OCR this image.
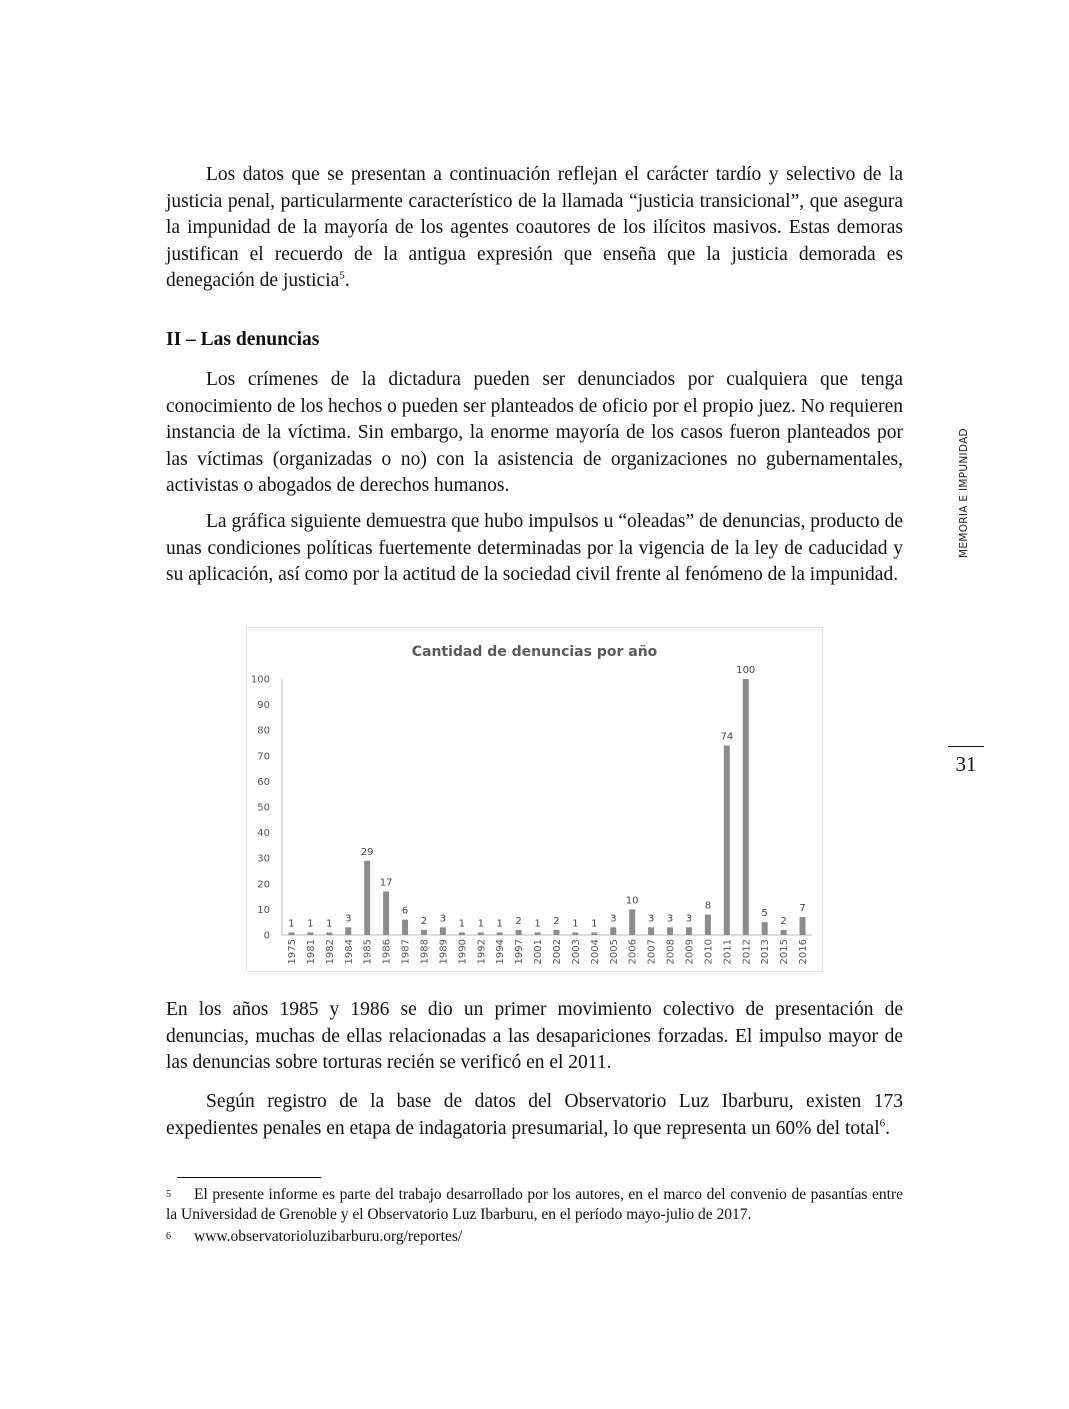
Los datos que se presentan a continuación reflejan el carácter tardío y selectivo de la justicia penal, particularmente característico de la llamada “justicia transicional”, que asegura la impunidad de la mayoría de los agentes coautores de los ilícitos masivos. Estas demoras justifican el recuerdo de la antigua expresión que enseña que la justicia demorada es denegación de justicia$^5$.

II – Las denuncias

Los crímenes de la dictadura pueden ser denunciados por cualquiera que tenga conocimiento de los hechos o pueden ser planteados de oficio por el propio juez. No requieren instancia de la víctima. Sin embargo, la enorme mayoría de los casos fueron planteados por las víctimas (organizadas o no) con la asistencia de organizaciones no gubernamentales, activistas o abogados de derechos humanos.

La gráfica siguiente demuestra que hubo impulsos u “oleadas” de denuncias, producto de unas condiciones políticas fuertemente determinadas por la vigencia de la ley de caducidad y su aplicación, así como por la actitud de la sociedad civil frente al fenómeno de la impunidad.

Cantidad de denuncias por año
0
10
20
30
40
50
60
70
80
90
100
1
1975
1
1981
1
1982
3
1984
29
1985
17
1986
6
1987
2
1988
3
1989
1
1990
1
1992
1
1994
2
1997
1
2001
2
2002
1
2003
1
2004
3
2005
10
2006
3
2007
3
2008
3
2009
8
2010
74
2011
100
2012
5
2013
2
2015
7
2016

En los años 1985 y 1986 se dio un primer movimiento colectivo de presentación de denuncias, muchas de ellas relacionadas a las desapariciones forzadas. El impulso mayor de las denuncias sobre torturas recién se verificó en el 2011.

Según registro de la base de datos del Observatorio Luz Ibarburu, existen 173 expedientes penales en etapa de indagatoria presumarial, lo que representa un 60% del total$^6$.

MEMORIA E IMPUNIDAD
31

5 El presente informe es parte del trabajo desarrollado por los autores, en el marco del convenio de pasantías entre la Universidad de Grenoble y el Observatorio Luz Ibarburu, en el período mayo-julio de 2017.

6 www.observatorioluzibarburu.org/reportes/
